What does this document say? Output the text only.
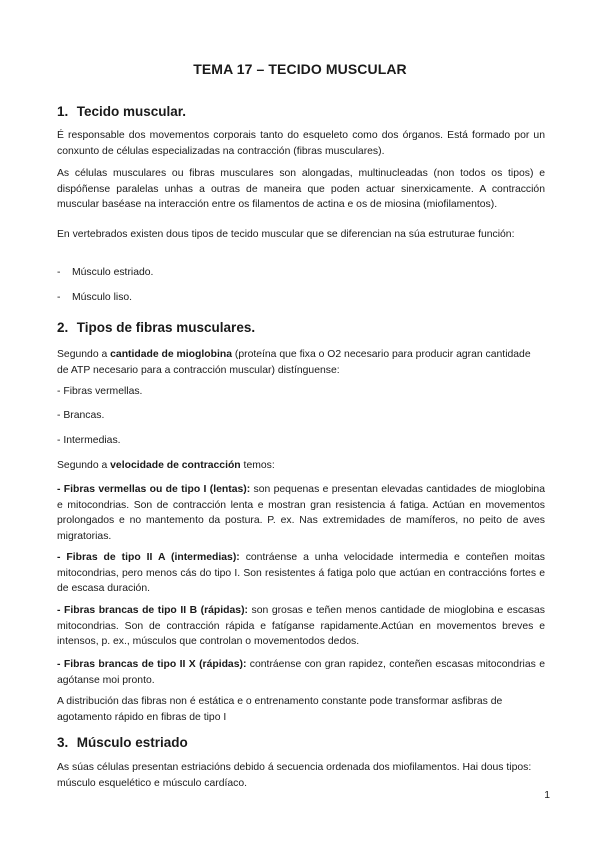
TEMA 17 – TECIDO MUSCULAR
1. Tecido muscular.

É responsable dos movementos corporais tanto do esqueleto como dos órganos. Está formado por un conxunto de células especializadas na contracción (fibras musculares).

As células musculares ou fibras musculares son alongadas, multinucleadas (non todos os tipos) e dispóñense paralelas unhas a outras de maneira que poden actuar sinerxicamente. A contracción muscular baséase na interacción entre os filamentos de actina e os de miosina (miofilamentos).

En vertebrados existen dous tipos de tecido muscular que se diferencian na súa estruturae función:

- Músculo estriado.
- Músculo liso.
2. Tipos de fibras musculares.

Segundo a cantidade de mioglobina (proteína que fixa o O2 necesario para producir agran cantidade de ATP necesario para a contracción muscular) distínguense:

- Fibras vermellas.
- Brancas.
- Intermedias.

Segundo a velocidade de contracción temos:

- Fibras vermellas ou de tipo I (lentas): son pequenas e presentan elevadas cantidades de mioglobina e mitocondrias. Son de contracción lenta e mostran gran resistencia á fatiga. Actúan en movementos prolongados e no mantemento da postura. P. ex. Nas extremidades de mamíferos, no peito de aves migratorias.

- Fibras de tipo II A (intermedias): contráense a unha velocidade intermedia e conteñen moitas mitocondrias, pero menos cás do tipo I. Son resistentes á fatiga polo que actúan en contraccións fortes e de escasa duración.

- Fibras brancas de tipo II B (rápidas): son grosas e teñen menos cantidade de mioglobina e escasas mitocondrias. Son de contracción rápida e fatíganse rapidamente.Actúan en movementos breves e intensos, p. ex., músculos que controlan o movementodos dedos.

- Fibras brancas de tipo II X (rápidas): contráense con gran rapidez, conteñen escasas mitocondrias e agótanse moi pronto.

A distribución das fibras non é estática e o entrenamento constante pode transformar asfibras de agotamento rápido en fibras de tipo I

3. Músculo estriado

As súas células presentan estriacións debido á secuencia ordenada dos miofilamentos. Hai dous tipos: músculo esquelético e músculo cardíaco.

1
